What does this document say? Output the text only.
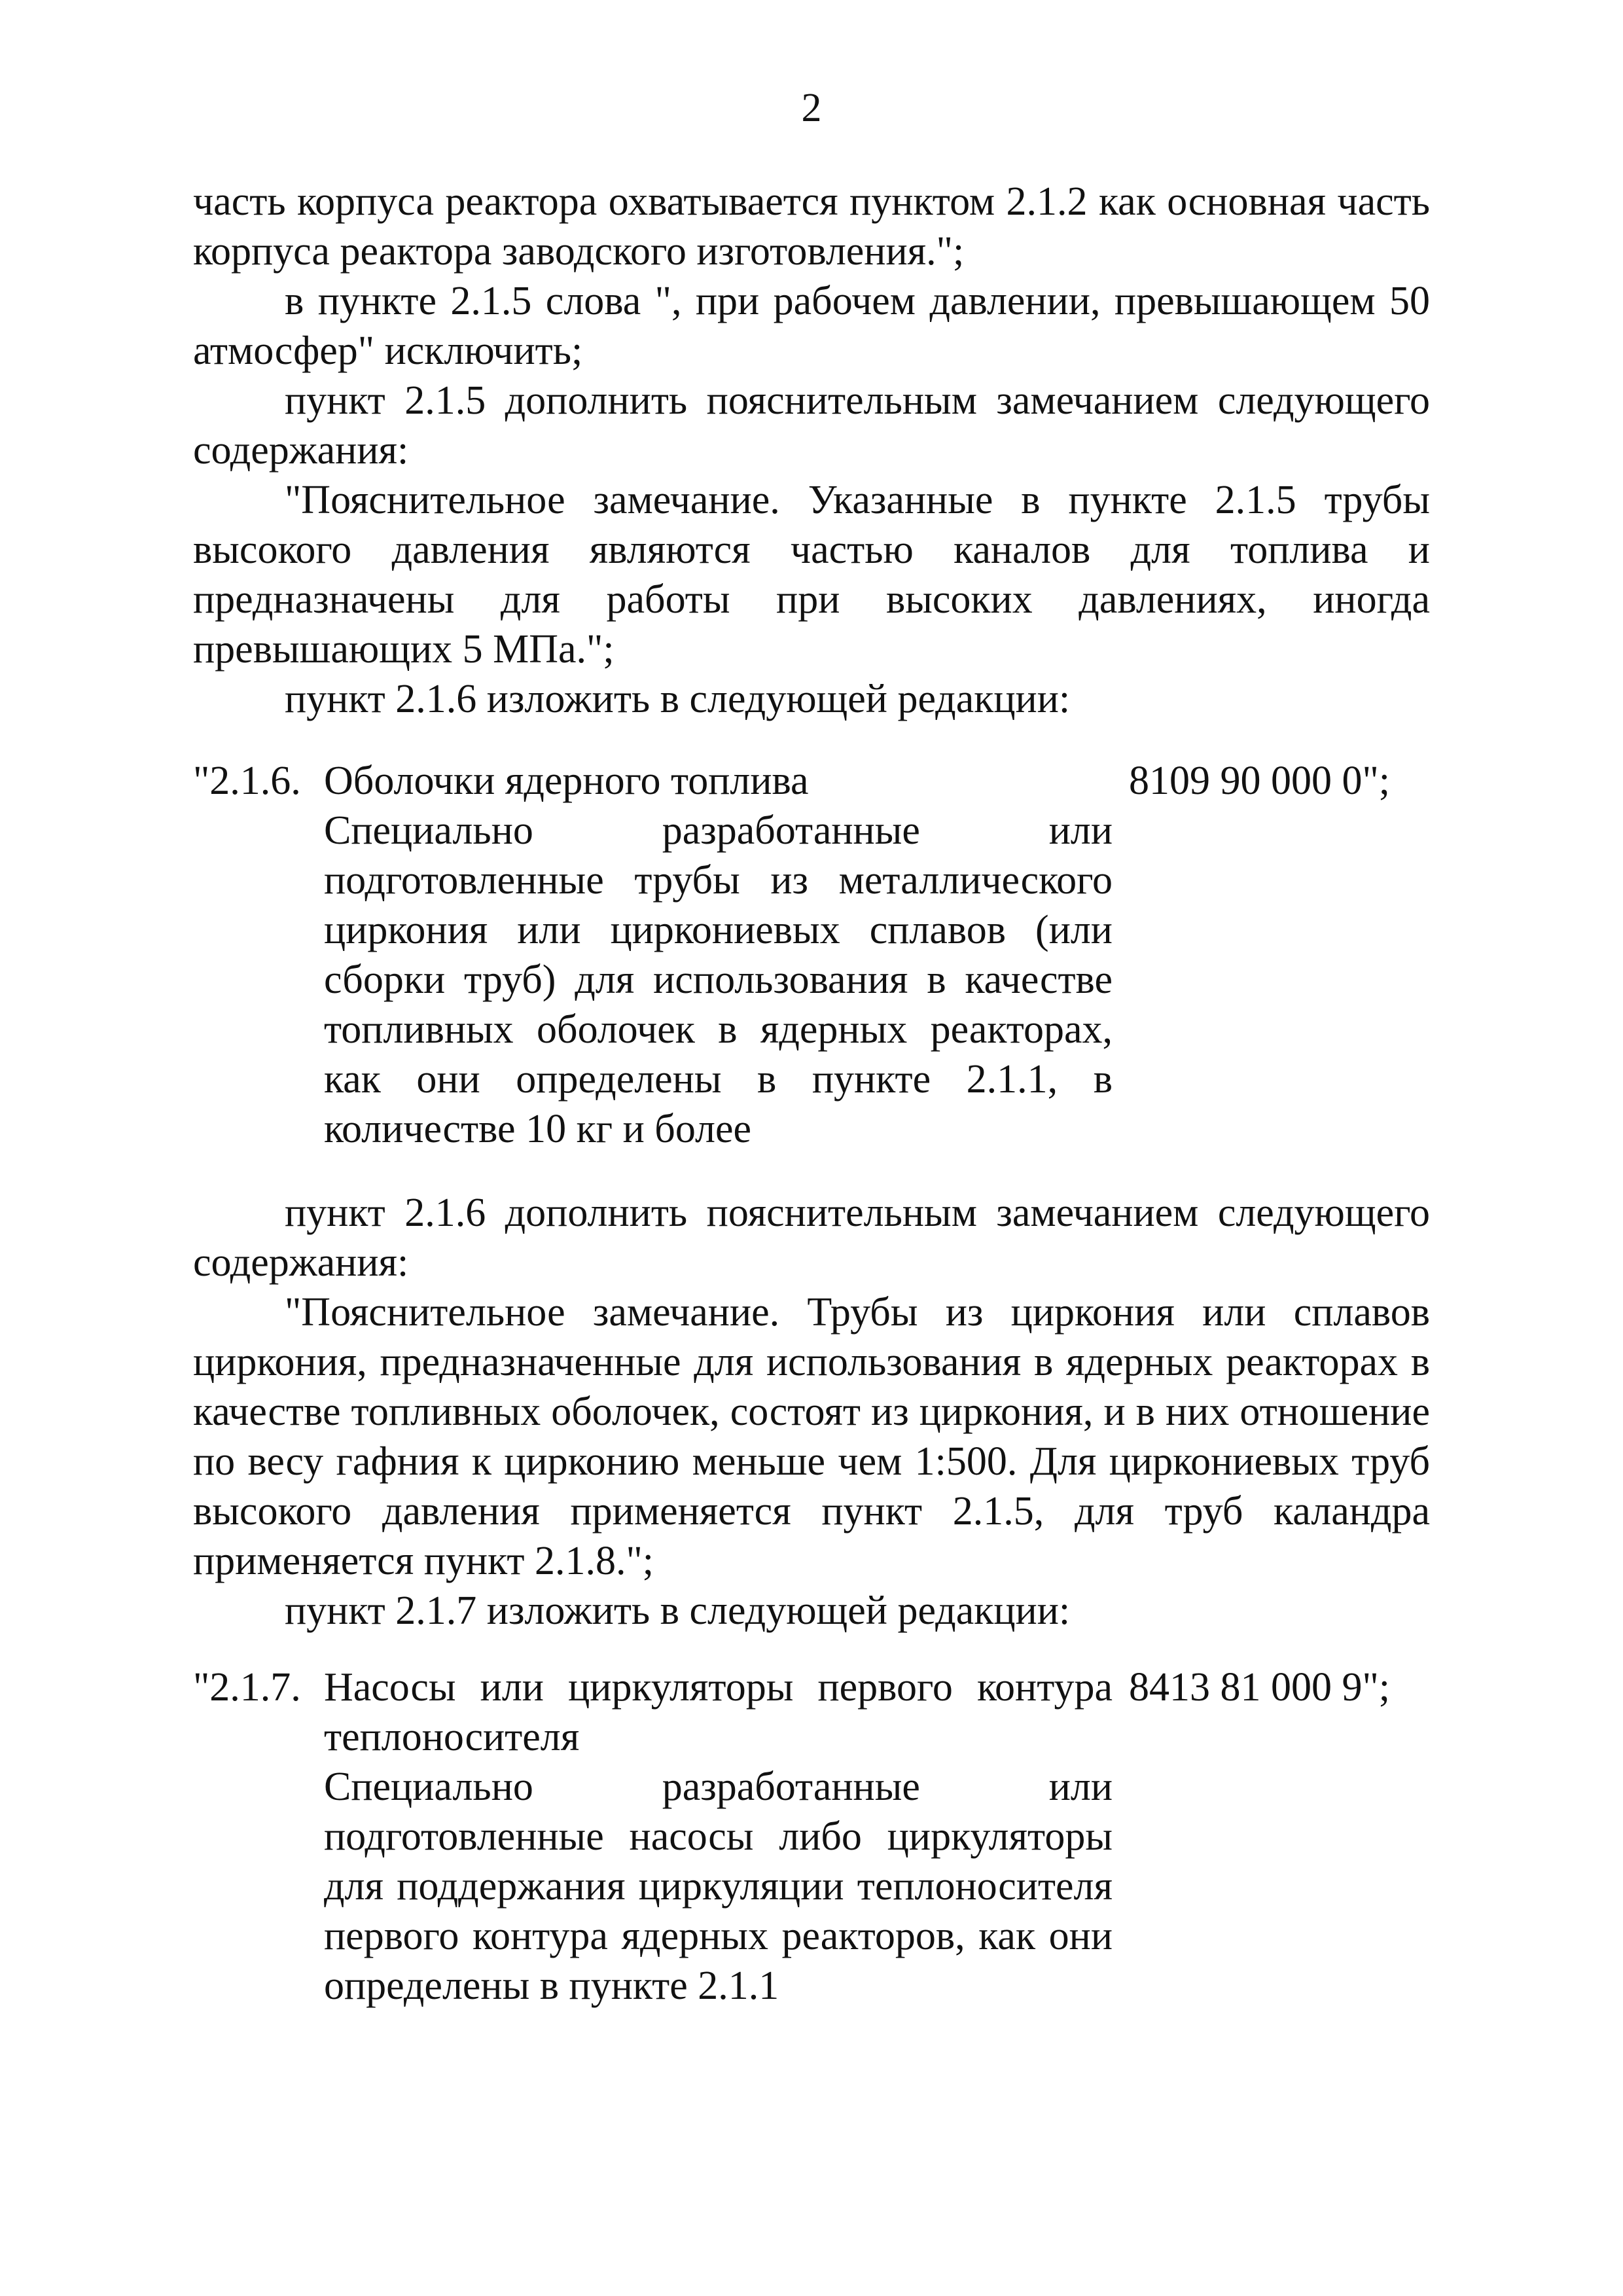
2

часть корпуса реактора охватывается пунктом 2.1.2 как основная часть корпуса реактора заводского изготовления.";

в пункте 2.1.5 слова ", при рабочем давлении, превышающем 50 атмосфер" исключить;

пункт 2.1.5 дополнить пояснительным замечанием следующего содержания:

"Пояснительное замечание. Указанные в пункте 2.1.5 трубы высокого давления являются частью каналов для топлива и предназначены для работы при высоких давлениях, иногда превышающих 5 МПа.";

пункт 2.1.6 изложить в следующей редакции:

"2.1.6. Оболочки ядерного топлива

Специально разработанные или подготовленные трубы из металлического циркония или циркониевых сплавов (или сборки труб) для использования в качестве топливных оболочек в ядерных реакторах, как они определены в пункте 2.1.1, в количестве 10 кг и более

8109 90 000 0";

пункт 2.1.6 дополнить пояснительным замечанием следующего содержания:

"Пояснительное замечание. Трубы из циркония или сплавов циркония, предназначенные для использования в ядерных реакторах в качестве топливных оболочек, состоят из циркония, и в них отношение по весу гафния к цирконию меньше чем 1:500. Для циркониевых труб высокого давления применяется пункт 2.1.5, для труб каландра применяется пункт 2.1.8.";

пункт 2.1.7 изложить в следующей редакции:

"2.1.7. Насосы или циркуляторы первого контура теплоносителя

Специально разработанные или подготовленные насосы либо циркуляторы для поддержания циркуляции теплоносителя первого контура ядерных реакторов, как они определены в пункте 2.1.1

8413 81 000 9";
